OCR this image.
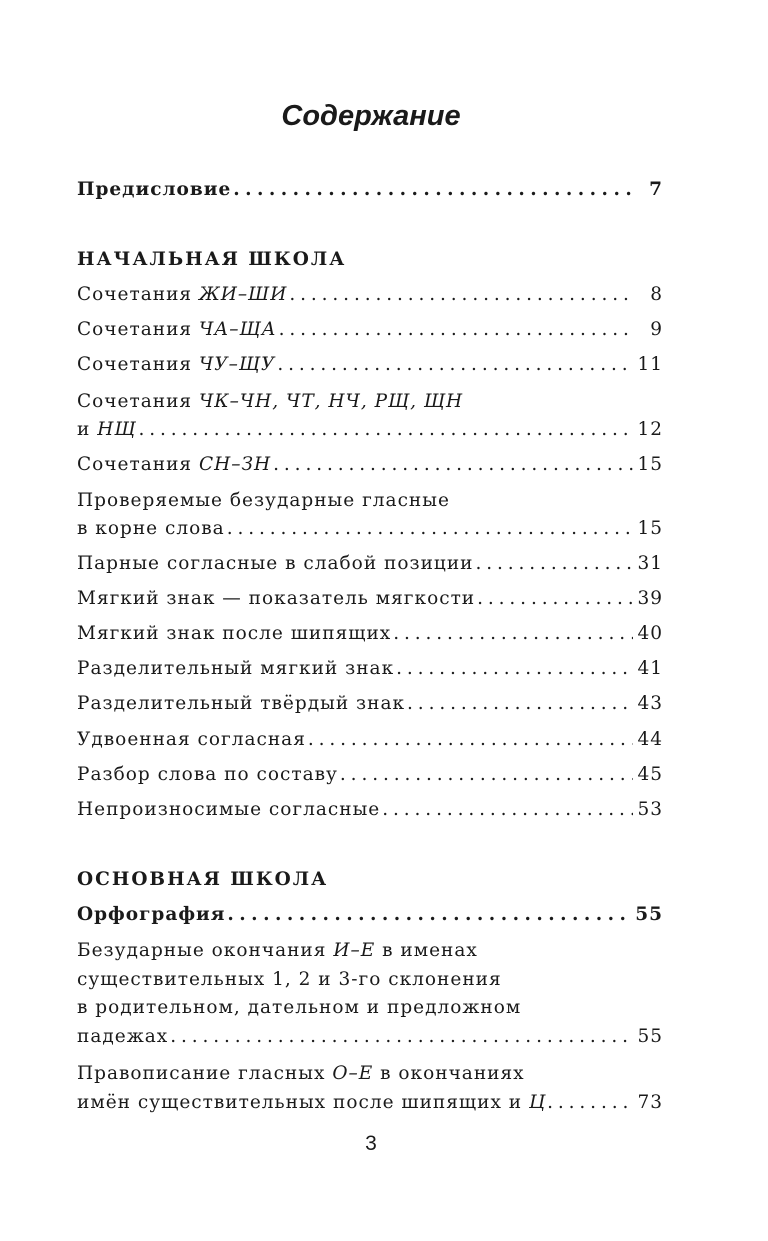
Содержание
Предисловие . . .	7
НАЧАЛЬНАЯ ШКОЛА
Сочетания ЖИ–ШИ . . .	8
Сочетания ЧА–ЩА . . .	9
Сочетания ЧУ–ЩУ . . .	11
Сочетания ЧК–ЧН, ЧТ, НЧ, РЩ, ЩН
и НЩ . . .	12
Сочетания СН–ЗН . . .	15
Проверяемые безударные гласные
в корне слова . . .	15
Парные согласные в слабой позиции . . .	31
Мягкий знак — показатель мягкости . . .	39
Мягкий знак после шипящих . . .	40
Разделительный мягкий знак . . .	41
Разделительный твёрдый знак . . .	43
Удвоенная согласная . . .	44
Разбор слова по составу . . .	45
Непроизносимые согласные . . .	53
ОСНОВНАЯ ШКОЛА
Орфография . . .	55
Безударные окончания И–Е в именах
существительных 1, 2 и 3-го склонения
в родительном, дательном и предложном
падежах . . .	55
Правописание гласных О–Е в окончаниях
имён существительных после шипящих и Ц . . .	73
3
